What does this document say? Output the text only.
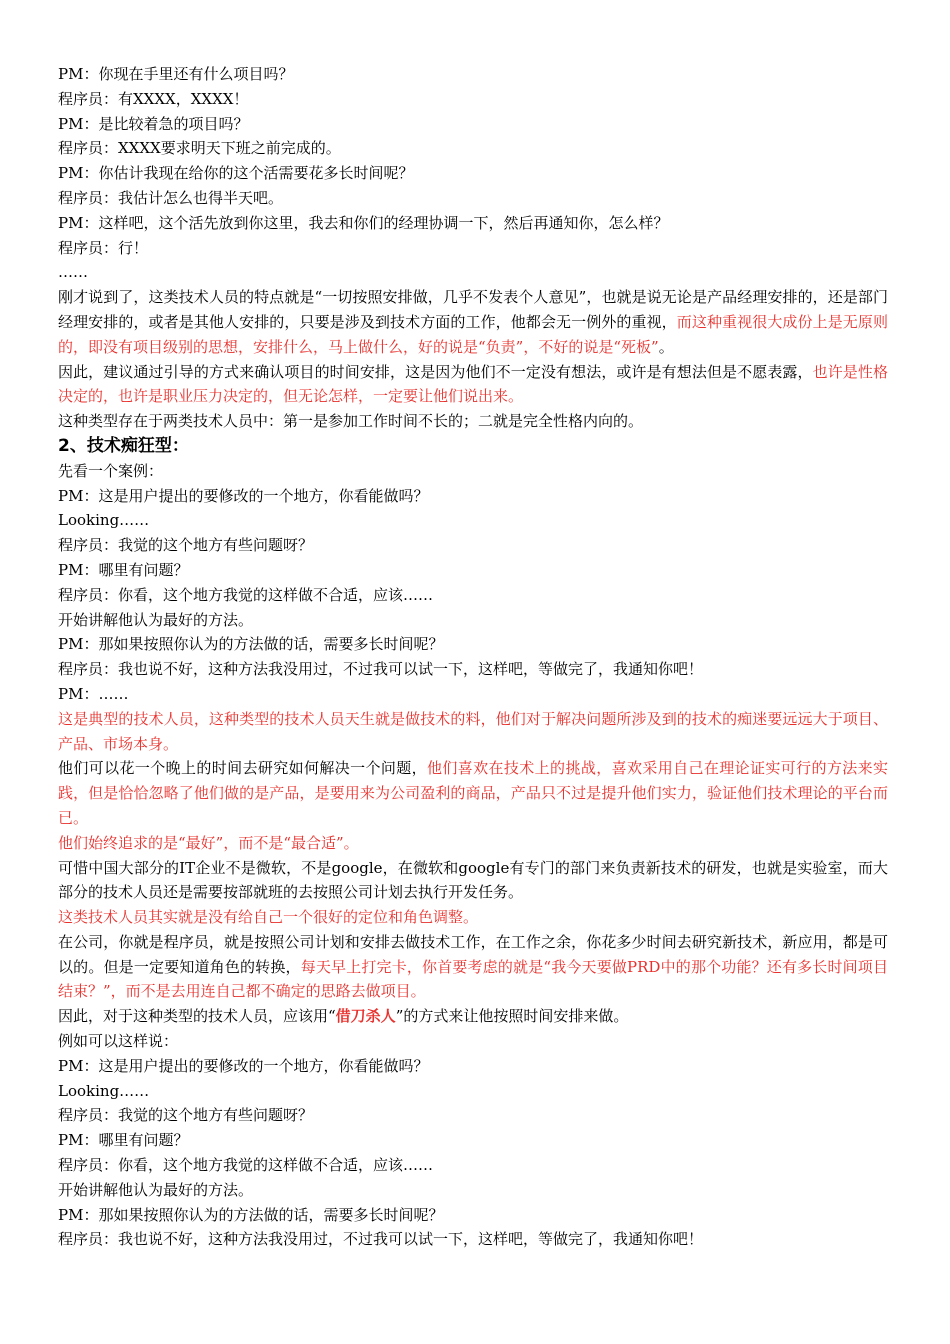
PM：你现在手里还有什么项目吗？

程序员：有XXXX，XXXX！

PM：是比较着急的项目吗？

程序员：XXXX要求明天下班之前完成的。

PM：你估计我现在给你的这个活需要花多长时间呢？

程序员：我估计怎么也得半天吧。

PM：这样吧，这个活先放到你这里，我去和你们的经理协调一下，然后再通知你，怎么样？

程序员：行！

……

刚才说到了，这类技术人员的特点就是“一切按照安排做，几乎不发表个人意见”，也就是说无论是产品经理安排的，还是部门经理安排的，或者是其他人安排的，只要是涉及到技术方面的工作，他都会无一例外的重视，而这种重视很大成份上是无原则的，即没有项目级别的思想，安排什么，马上做什么，好的说是“负责”，不好的说是“死板”。

因此，建议通过引导的方式来确认项目的时间安排，这是因为他们不一定没有想法，或许是有想法但是不愿表露，也许是性格决定的，也许是职业压力决定的，但无论怎样，一定要让他们说出来。

这种类型存在于两类技术人员中：第一是参加工作时间不长的；二就是完全性格内向的。

2、技术痴狂型：

先看一个案例：

PM：这是用户提出的要修改的一个地方，你看能做吗？

Looking……

程序员：我觉的这个地方有些问题呀？

PM：哪里有问题？

程序员：你看，这个地方我觉的这样做不合适，应该……

开始讲解他认为最好的方法。

PM：那如果按照你认为的方法做的话，需要多长时间呢？

程序员：我也说不好，这种方法我没用过，不过我可以试一下，这样吧，等做完了，我通知你吧！

PM：……

这是典型的技术人员，这种类型的技术人员天生就是做技术的料，他们对于解决问题所涉及到的技术的痴迷要远远大于项目、产品、市场本身。

他们可以花一个晚上的时间去研究如何解决一个问题，他们喜欢在技术上的挑战，喜欢采用自己在理论证实可行的方法来实践，但是恰恰忽略了他们做的是产品，是要用来为公司盈利的商品，产品只不过是提升他们实力，验证他们技术理论的平台而已。

他们始终追求的是“最好”，而不是“最合适”。

可惜中国大部分的IT企业不是微软，不是google，在微软和google有专门的部门来负责新技术的研发，也就是实验室，而大部分的技术人员还是需要按部就班的去按照公司计划去执行开发任务。

这类技术人员其实就是没有给自己一个很好的定位和角色调整。

在公司，你就是程序员，就是按照公司计划和安排去做技术工作，在工作之余，你花多少时间去研究新技术，新应用，都是可以的。但是一定要知道角色的转换，每天早上打完卡，你首要考虑的就是“我今天要做PRD中的那个功能？还有多长时间项目结束？”，而不是去用连自己都不确定的思路去做项目。

因此，对于这种类型的技术人员，应该用“借刀杀人”的方式来让他按照时间安排来做。

例如可以这样说：

PM：这是用户提出的要修改的一个地方，你看能做吗？

Looking……

程序员：我觉的这个地方有些问题呀？

PM：哪里有问题？

程序员：你看，这个地方我觉的这样做不合适，应该……

开始讲解他认为最好的方法。

PM：那如果按照你认为的方法做的话，需要多长时间呢？

程序员：我也说不好，这种方法我没用过，不过我可以试一下，这样吧，等做完了，我通知你吧！
